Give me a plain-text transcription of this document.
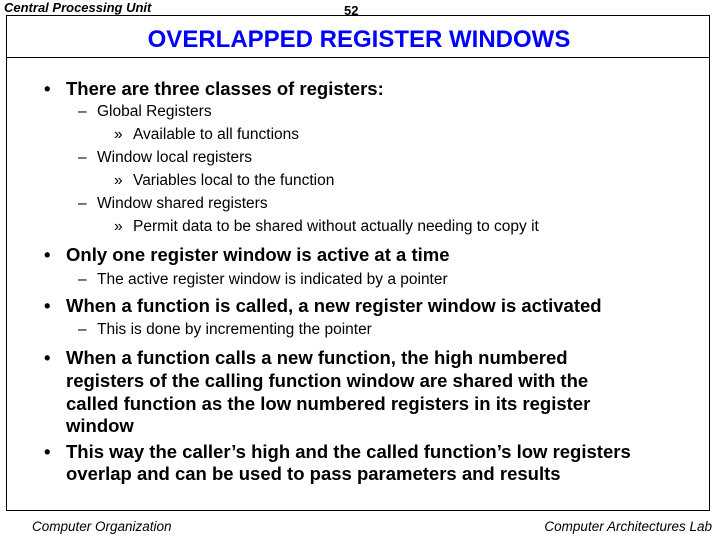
Central Processing Unit	52
OVERLAPPED REGISTER WINDOWS
• There are three classes of registers:
– Global Registers
» Available to all functions
– Window local registers
» Variables local to the function
– Window shared registers
» Permit data to be shared without actually needing to copy it
• Only one register window is active at a time
– The active register window is indicated by a pointer
• When a function is called, a new register window is activated
– This is done by incrementing the pointer
• When a function calls a new function, the high numbered
registers of the calling function window are shared with the
called function as the low numbered registers in its register
window
• This way the caller’s high and the called function’s low registers
overlap and can be used to pass parameters and results
Computer Organization	Computer Architectures Lab
